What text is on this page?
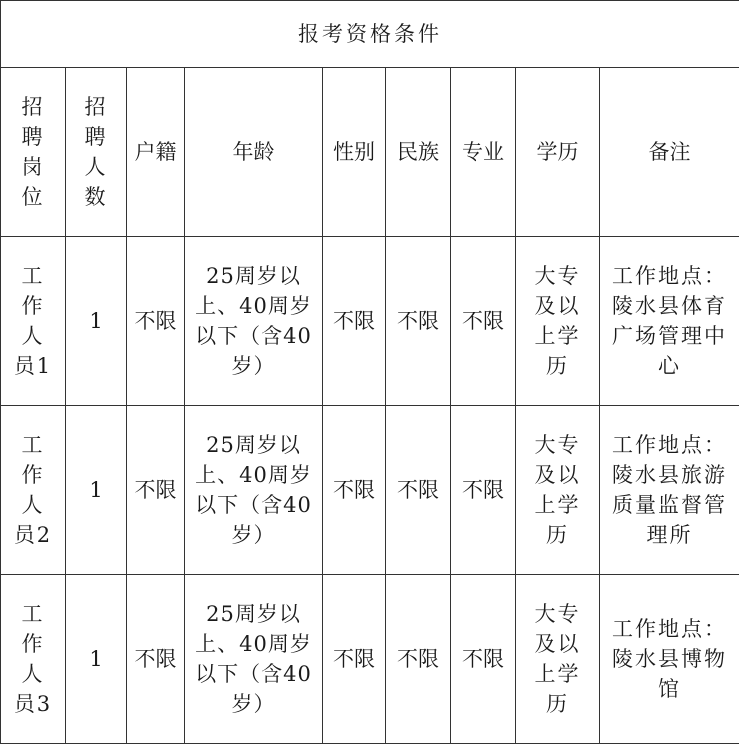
报考资格条件								

招聘岗位	招聘人数	户籍	年龄	性别	民族	专业	学历	备注

工作人员1	1	不限	25周岁以上、40周岁以下（含40岁）	不限	不限	不限	大专及以上学历	工作地点：陵水县体育广场管理中心

工作人员2	1	不限	25周岁以上、40周岁以下（含40岁）	不限	不限	不限	大专及以上学历	工作地点：陵水县旅游质量监督管理所

工作人员3	1	不限	25周岁以上、40周岁以下（含40岁）	不限	不限	不限	大专及以上学历	工作地点：陵水县博物馆
